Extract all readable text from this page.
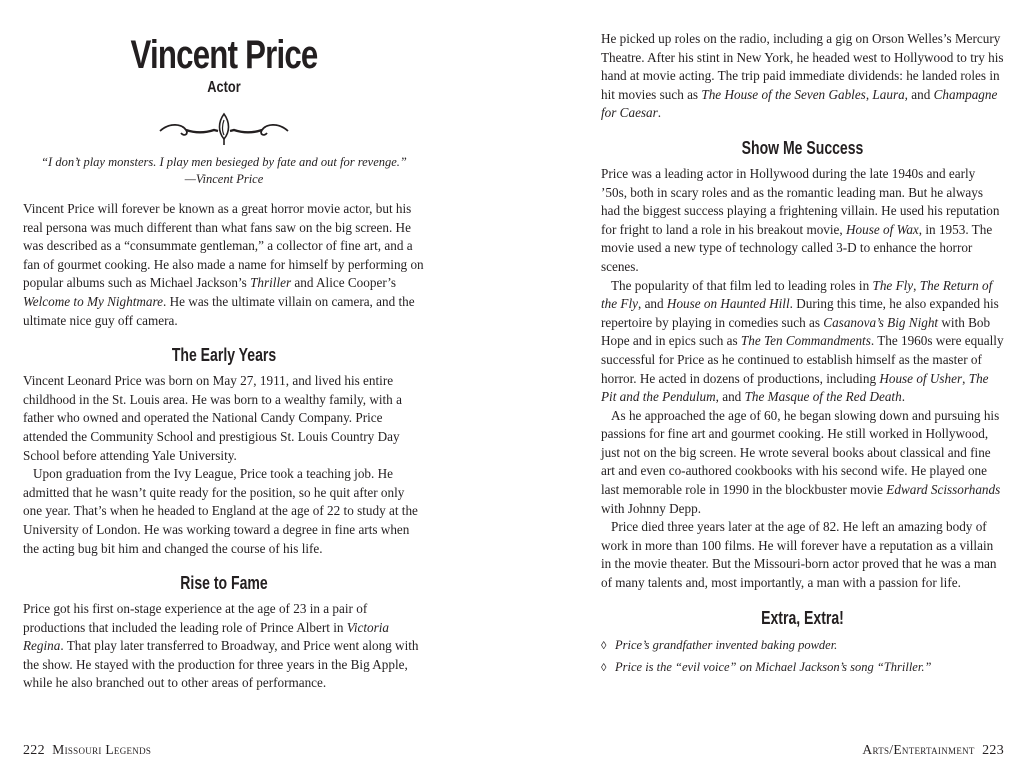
Vincent Price
Actor

“I don’t play monsters. I play men besieged by fate and out for revenge.”

—Vincent Price

Vincent Price will forever be known as a great horror movie actor, but his real persona was much different than what fans saw on the big screen. He was described as a “consummate gentleman,” a collector of fine art, and a fan of gourmet cooking. He also made a name for himself by performing on popular albums such as Michael Jackson’s Thriller and Alice Cooper’s Welcome to My Nightmare. He was the ultimate villain on camera, and the ultimate nice guy off camera.

The Early Years

Vincent Leonard Price was born on May 27, 1911, and lived his entire childhood in the St. Louis area. He was born to a wealthy family, with a father who owned and operated the National Candy Company. Price attended the Community School and prestigious St. Louis Country Day School before attending Yale University.

Upon graduation from the Ivy League, Price took a teaching job. He admitted that he wasn’t quite ready for the position, so he quit after only one year. That’s when he headed to England at the age of 22 to study at the University of London. He was working toward a degree in fine arts when the acting bug bit him and changed the course of his life.

Rise to Fame

Price got his first on-stage experience at the age of 23 in a pair of productions that included the leading role of Prince Albert in Victoria Regina. That play later transferred to Broadway, and Price went along with the show. He stayed with the production for three years in the Big Apple, while he also branched out to other areas of performance.

222 Missouri Legends

He picked up roles on the radio, including a gig on Orson Welles’s Mercury Theatre. After his stint in New York, he headed west to Hollywood to try his hand at movie acting. The trip paid immediate dividends: he landed roles in hit movies such as The House of the Seven Gables, Laura, and Champagne for Caesar.

Show Me Success

Price was a leading actor in Hollywood during the late 1940s and early ’50s, both in scary roles and as the romantic leading man. But he always had the biggest success playing a frightening villain. He used his reputation for fright to land a role in his breakout movie, House of Wax, in 1953. The movie used a new type of technology called 3-D to enhance the horror scenes.

The popularity of that film led to leading roles in The Fly, The Return of the Fly, and House on Haunted Hill. During this time, he also expanded his repertoire by playing in comedies such as Casanova’s Big Night with Bob Hope and in epics such as The Ten Commandments. The 1960s were equally successful for Price as he continued to establish himself as the master of horror. He acted in dozens of productions, including House of Usher, The Pit and the Pendulum, and The Masque of the Red Death.

As he approached the age of 60, he began slowing down and pursuing his passions for fine art and gourmet cooking. He still worked in Hollywood, just not on the big screen. He wrote several books about classical and fine art and even co-authored cookbooks with his second wife. He played one last memorable role in 1990 in the blockbuster movie Edward Scissorhands with Johnny Depp.

Price died three years later at the age of 82. He left an amazing body of work in more than 100 films. He will forever have a reputation as a villain in the movie theater. But the Missouri-born actor proved that he was a man of many talents and, most importantly, a man with a passion for life.

Extra, Extra!
◊ Price’s grandfather invented baking powder.
◊ Price is the “evil voice” on Michael Jackson’s song “Thriller.”
Arts/Entertainment 223
